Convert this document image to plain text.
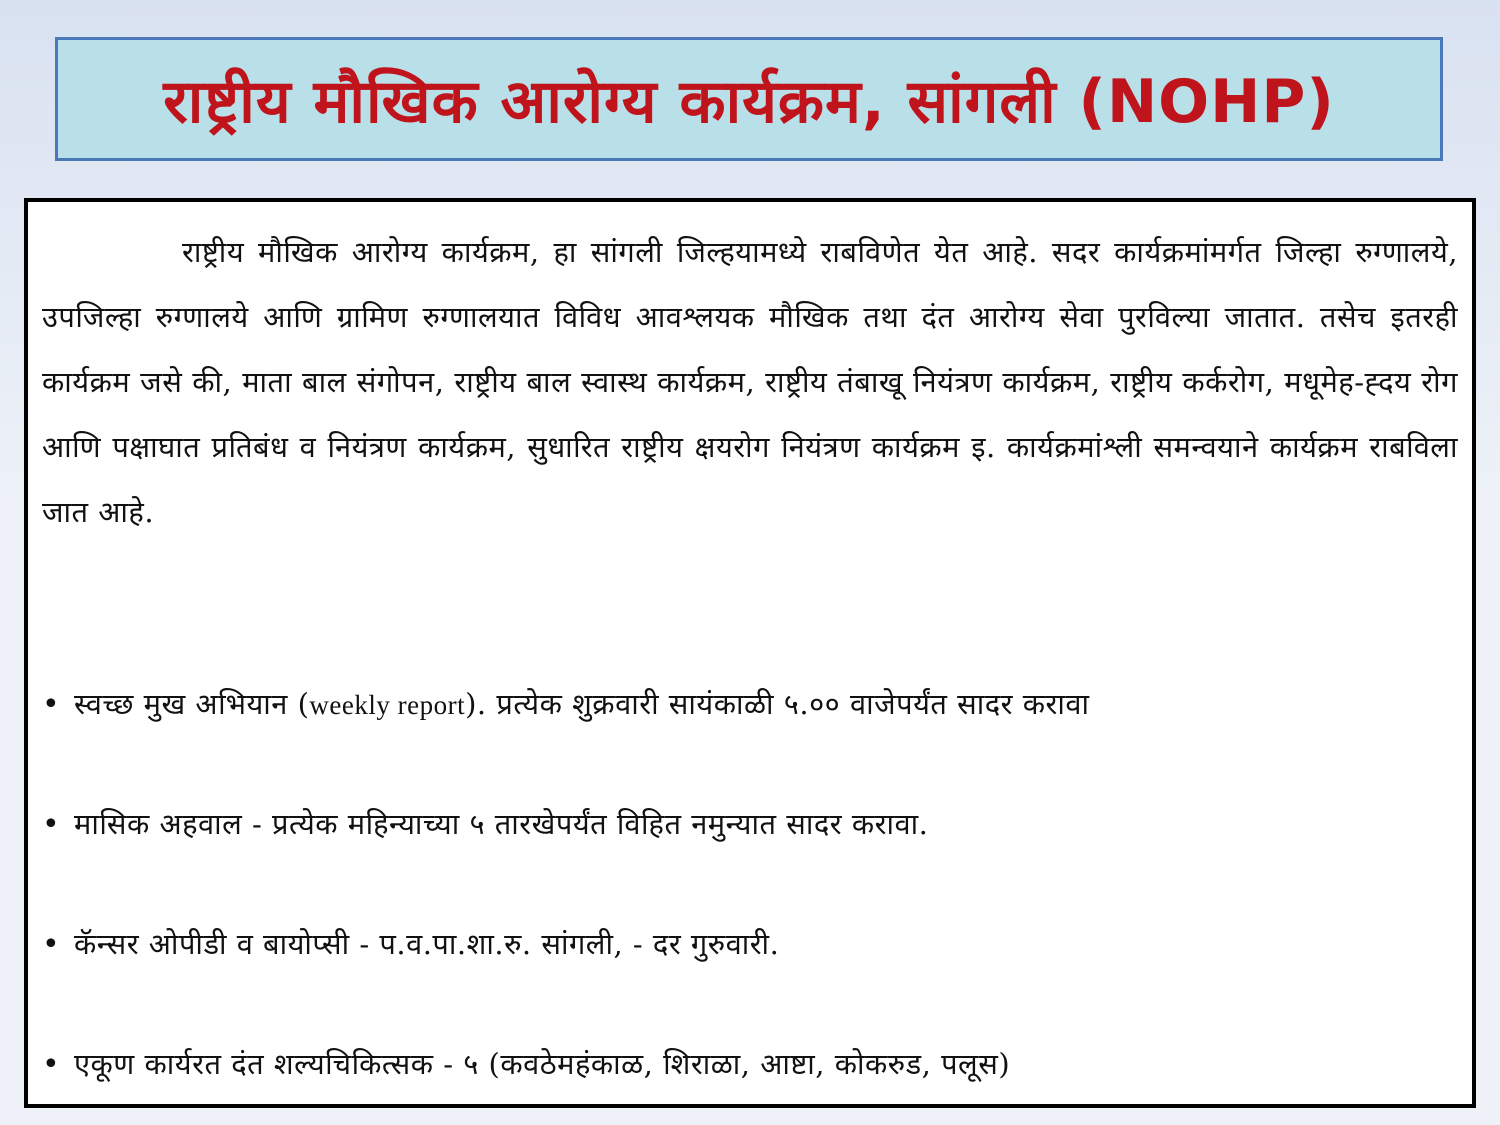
राष्ट्रीय मौखिक आरोग्य कार्यक्रम, सांगली (NOHP)

राष्ट्रीय मौखिक आरोग्य कार्यक्रम, हा सांगली जिल्हयामध्ये राबविणेत येत आहे. सदर कार्यक्रमांमर्गत जिल्हा रुग्णालये, उपजिल्हा रुग्णालये आणि ग्रामिण रुग्णालयात विविध आवश्लयक मौखिक तथा दंत आरोग्य सेवा पुरविल्या जातात. तसेच इतरही कार्यक्रम जसे की, माता बाल संगोपन, राष्ट्रीय बाल स्वास्थ कार्यक्रम, राष्ट्रीय तंबाखू नियंत्रण कार्यक्रम, राष्ट्रीय कर्करोग, मधूमेह-ह्दय रोग आणि पक्षाघात प्रतिबंध व नियंत्रण कार्यक्रम, सुधारित राष्ट्रीय क्षयरोग नियंत्रण कार्यक्रम इ. कार्यक्रमांश्ली समन्वयाने कार्यक्रम राबविला जात आहे.

• स्वच्छ मुख अभियान (weekly report). प्रत्येक शुक्रवारी सायंकाळी ५.०० वाजेपर्यंत सादर करावा
• मासिक अहवाल - प्रत्येक महिन्याच्या ५ तारखेपर्यंत विहित नमुन्यात सादर करावा.
• कॅन्सर ओपीडी व बायोप्सी - प.व.पा.शा.रु. सांगली, - दर गुरुवारी.
• एकूण कार्यरत दंत शल्यचिकित्सक - ५ (कवठेमहंकाळ, शिराळा, आष्टा, कोकरुड, पलूस)
